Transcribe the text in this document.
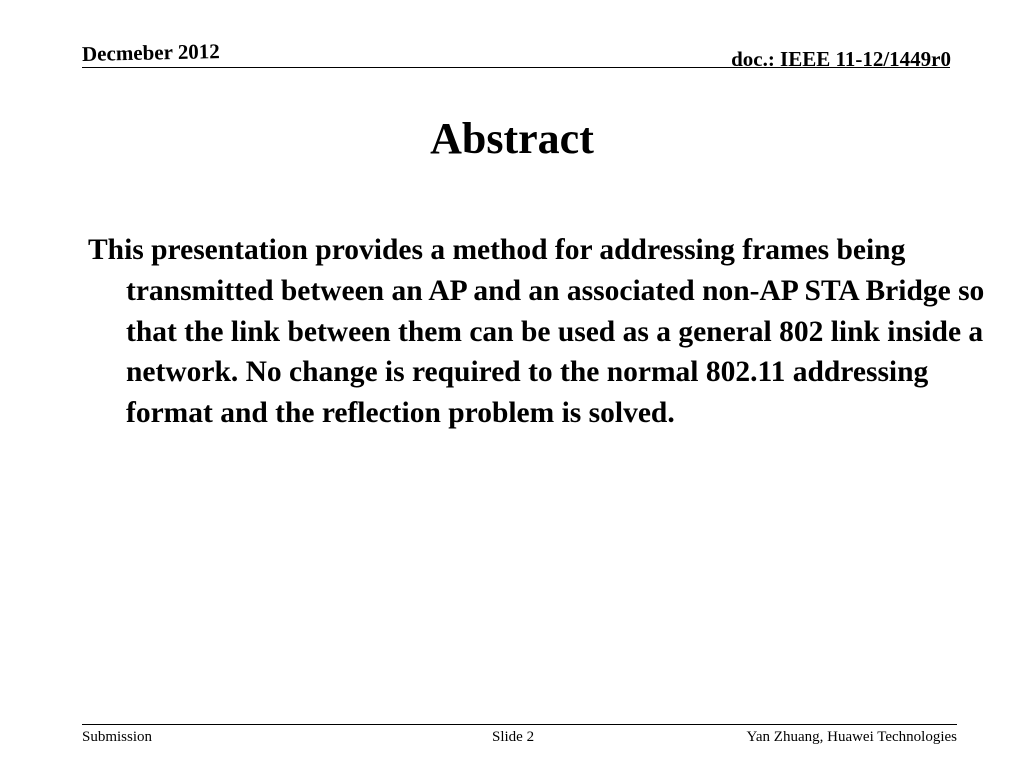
Decmeber 2012	doc.: IEEE 11-12/1449r0
Abstract

This presentation provides a method for addressing frames being transmitted between an AP and an associated non-AP STA Bridge so that the link between them can be used as a general 802 link inside a network. No change is required to the normal 802.11 addressing format and the reflection problem is solved.

Submission	Slide 2	Yan Zhuang, Huawei Technologies
